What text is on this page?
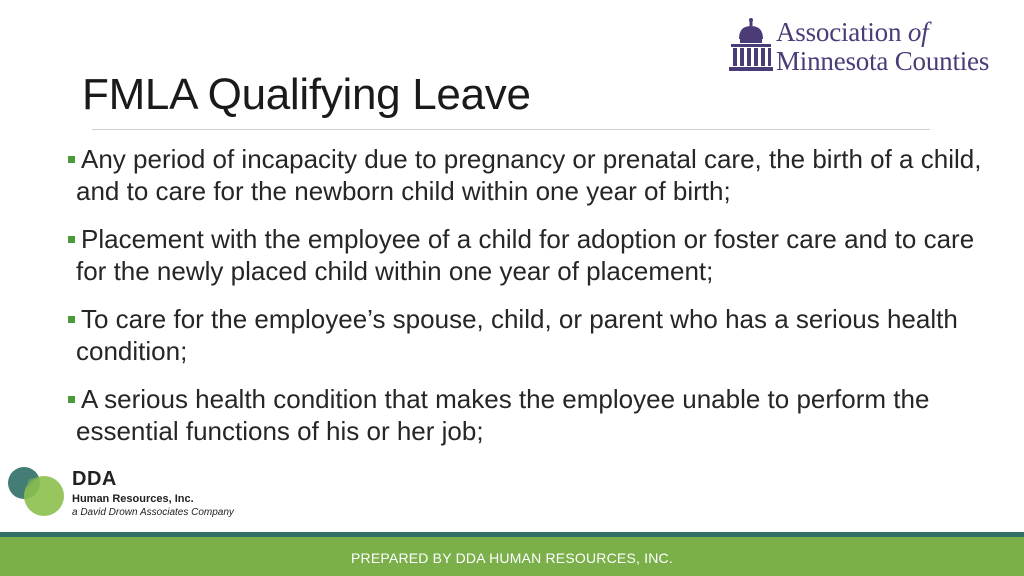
FMLA Qualifying Leave

Association of

Minnesota Counties

Any period of incapacity due to pregnancy or prenatal care, the birth of a child, and to care for the newborn child within one year of birth;
Placement with the employee of a child for adoption or foster care and to care for the newly placed child within one year of placement;
To care for the employee’s spouse, child, or parent who has a serious health condition;
A serious health condition that makes the employee unable to perform the essential functions of his or her job;

DDA

Human Resources, Inc.

a David Drown Associates Company

PREPARED BY DDA HUMAN RESOURCES, INC.
